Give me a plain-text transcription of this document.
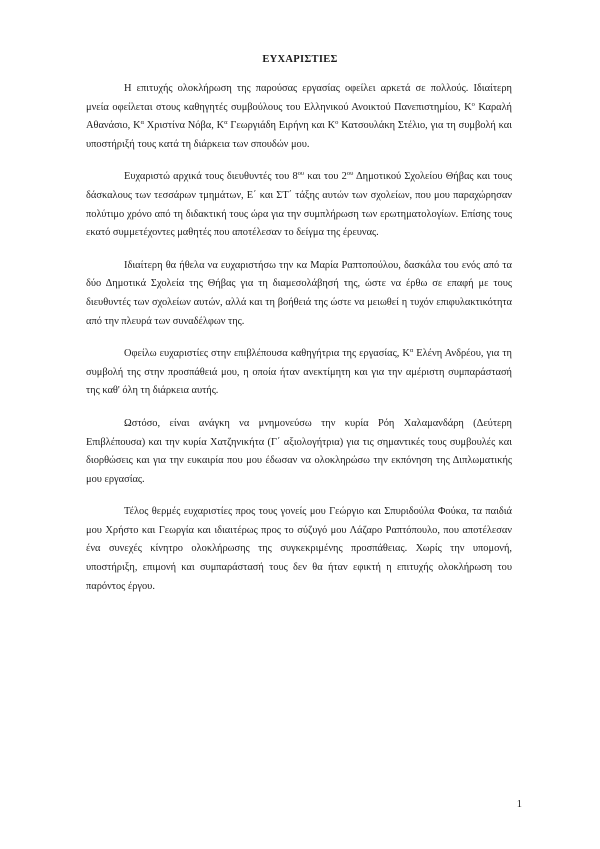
ΕΥΧΑΡΙΣΤΙΕΣ

Η επιτυχής ολοκλήρωση της παρούσας εργασίας οφείλει αρκετά σε πολλούς. Ιδιαίτερη μνεία οφείλεται στους καθηγητές συμβούλους του Ελληνικού Ανοικτού Πανεπιστημίου, $K^o$ Καραλή Αθανάσιο, $K^\alpha$ Χριστίνα Νόβα, $K^\alpha$ Γεωργιάδη Ειρήνη και $K^o$ Κατσουλάκη Στέλιο, για τη συμβολή και υποστήριξή τους κατά τη διάρκεια των σπουδών μου.

Ευχαριστώ αρχικά τους διευθυντές του $8^{o\upsilon}$ και του $2^{o\upsilon}$ Δημοτικού Σχολείου Θήβας και τους δάσκαλους των τεσσάρων τμημάτων, Ε΄ και ΣΤ΄ τάξης αυτών των σχολείων, που μου παραχώρησαν πολύτιμο χρόνο από τη διδακτική τους ώρα για την συμπλήρωση των ερωτηματολογίων. Επίσης τους εκατό συμμετέχοντες μαθητές που αποτέλεσαν το δείγμα της έρευνας.

Ιδιαίτερη θα ήθελα να ευχαριστήσω την κα Μαρία Ραπτοπούλου, δασκάλα του ενός από τα δύο Δημοτικά Σχολεία της Θήβας για τη διαμεσολάβησή της, ώστε να έρθω σε επαφή με τους διευθυντές των σχολείων αυτών, αλλά και τη βοήθειά της ώστε να μειωθεί η τυχόν επιφυλακτικότητα από την πλευρά των συναδέλφων της.

Οφείλω ευχαριστίες στην επιβλέπουσα καθηγήτρια της εργασίας, $K^\alpha$ Ελένη Ανδρέου, για τη συμβολή της στην προσπάθειά μου, η οποία ήταν ανεκτίμητη και για την αμέριστη συμπαράστασή της καθ' όλη τη διάρκεια αυτής.

Ωστόσο, είναι ανάγκη να μνημονεύσω την κυρία Ρόη Χαλαμανδάρη (Δεύτερη Επιβλέπουσα) και την κυρία Χατζηνικήτα (Γ΄ αξιολογήτρια) για τις σημαντικές τους συμβουλές και διορθώσεις και για την ευκαιρία που μου έδωσαν να ολοκληρώσω την εκπόνηση της Διπλωματικής μου εργασίας.

Τέλος θερμές ευχαριστίες προς τους γονείς μου Γεώργιο και Σπυριδούλα Φούκα, τα παιδιά μου Χρήστο και Γεωργία και ιδιαιτέρως προς το σύζυγό μου Λάζαρο Ραπτόπουλο, που αποτέλεσαν ένα συνεχές κίνητρο ολοκλήρωσης της συγκεκριμένης προσπάθειας. Χωρίς την υπομονή, υποστήριξη, επιμονή και συμπαράστασή τους δεν θα ήταν εφικτή η επιτυχής ολοκλήρωση του παρόντος έργου.

1
